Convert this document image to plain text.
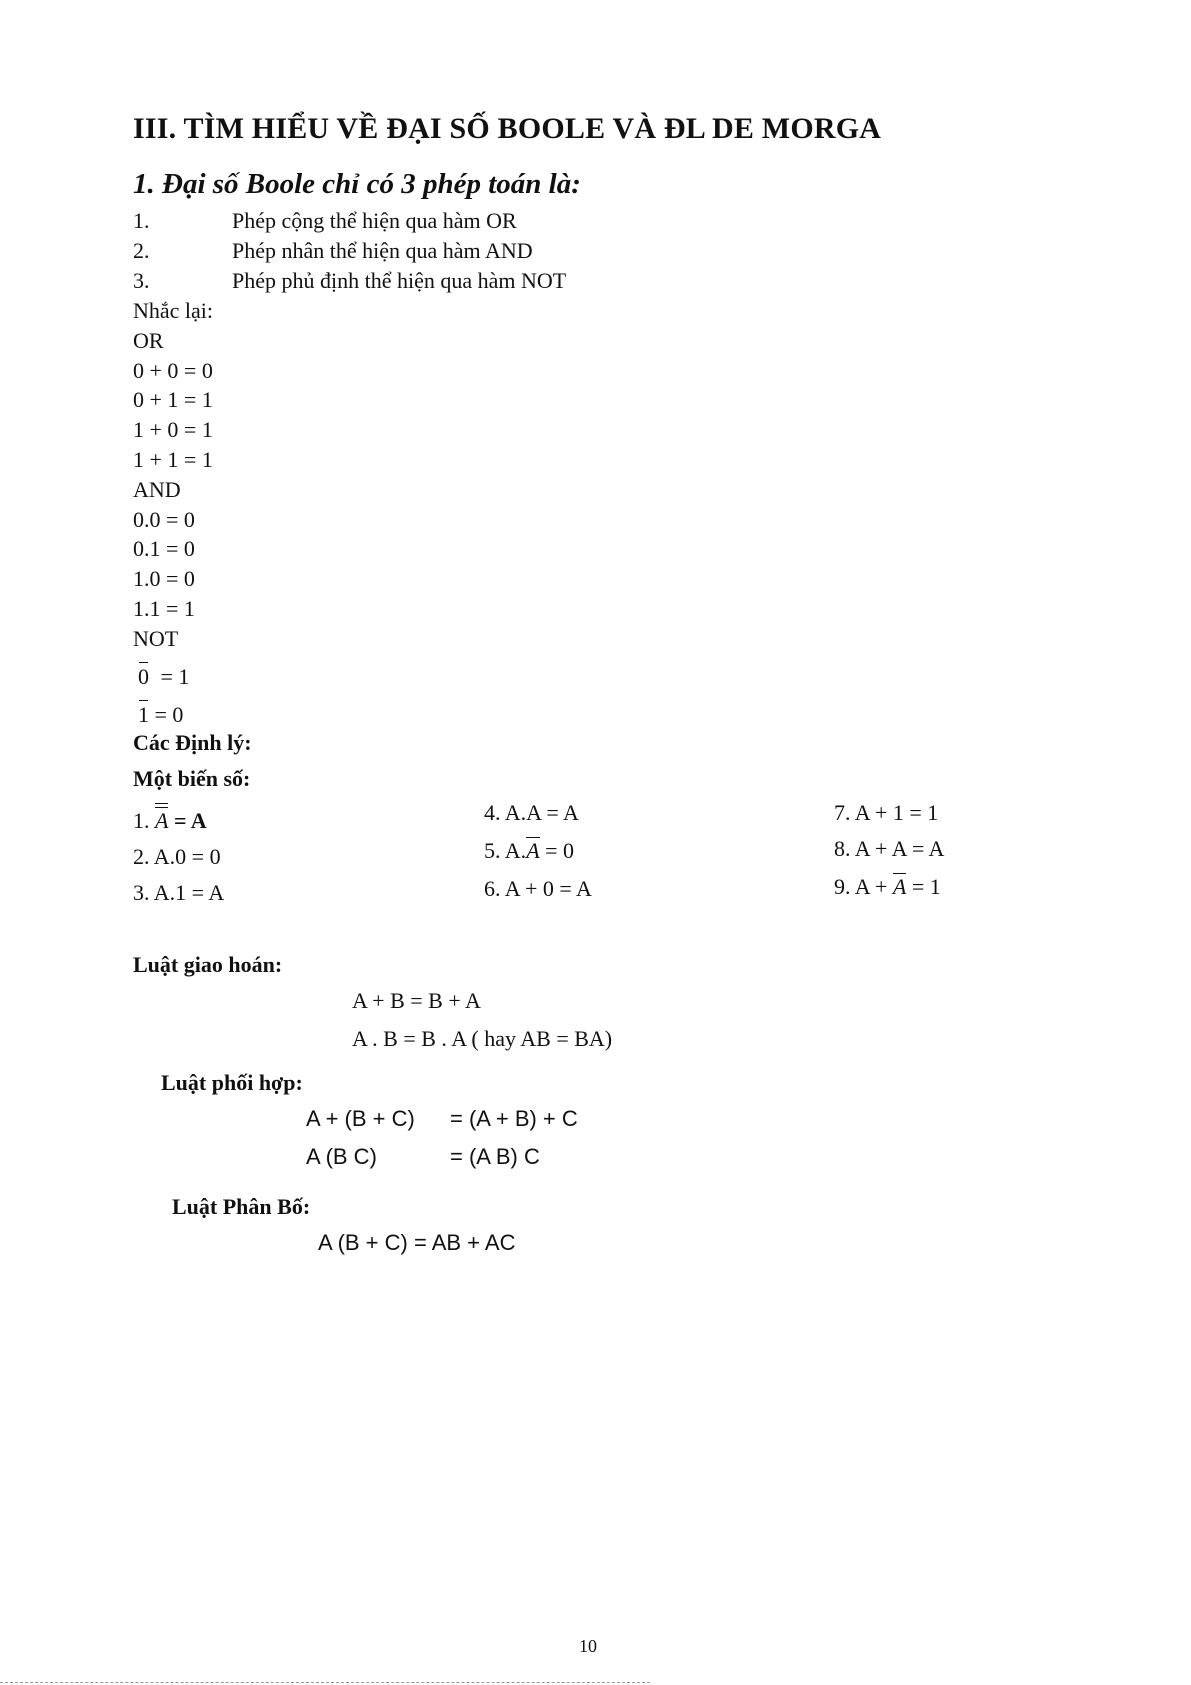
III. TÌM HIỂU VỀ ĐẠI SỐ BOOLE VÀ ĐL DE MORGA
1. Đại số Boole chỉ có 3 phép toán là:
1.	Phép cộng thể hiện qua hàm OR
2.	Phép nhân thể hiện qua hàm AND
3.	Phép phủ định thể hiện qua hàm NOT
Nhắc lại:
OR
0 + 0 = 0
0 + 1 = 1
1 + 0 = 1
1 + 1 = 1
AND
0.0 = 0
0.1 = 0
1.0 = 0
1.1 = 1
NOT
0 = 1
1 = 0
Các Định lý:
Một biến số:
1. A = A
2. A.0 = 0
3. A.1 = A
4. A.A = A
5. A.A = 0
6. A + 0 = A
7. A + 1 = 1
8. A + A = A
9. A + A = 1
Luật giao hoán:
A + B = B + A
A . B = B . A ( hay AB = BA)
Luật phối hợp:
A + (B + C) = (A + B) + C
A (B C)	= (A B) C
Luật Phân Bố:
A (B + C) = AB + AC
10
